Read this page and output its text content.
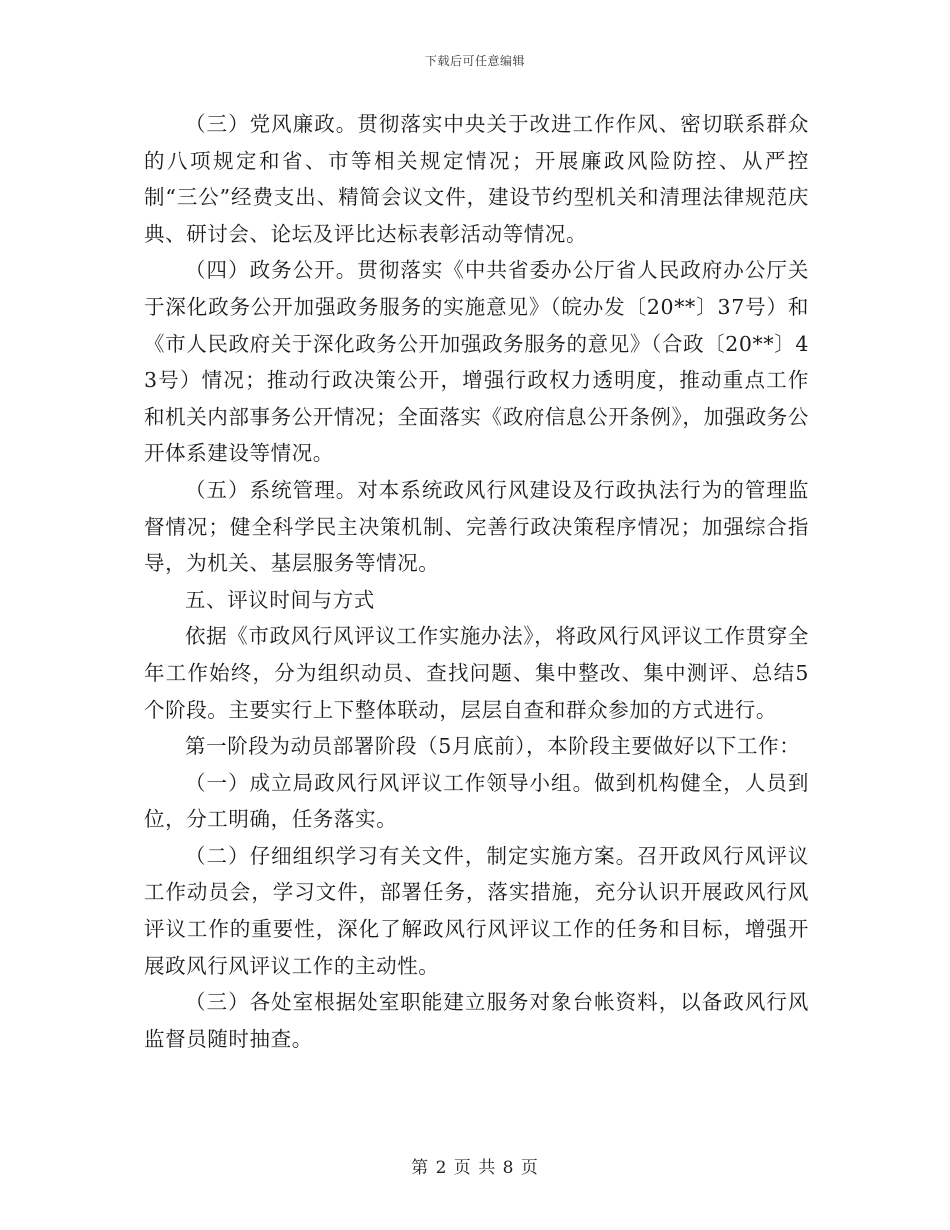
下载后可任意编辑

（三）党风廉政。贯彻落实中央关于改进工作作风、密切联系群众的八项规定和省、市等相关规定情况；开展廉政风险防控、从严控制“三公”经费支出、精简会议文件，建设节约型机关和清理法律规范庆典、研讨会、论坛及评比达标表彰活动等情况。

（四）政务公开。贯彻落实《中共省委办公厅省人民政府办公厅关于深化政务公开加强政务服务的实施意见》（皖办发〔20**〕37号）和《市人民政府关于深化政务公开加强政务服务的意见》（合政〔20**〕43号）情况；推动行政决策公开，增强行政权力透明度，推动重点工作和机关内部事务公开情况；全面落实《政府信息公开条例》，加强政务公开体系建设等情况。

（五）系统管理。对本系统政风行风建设及行政执法行为的管理监督情况；健全科学民主决策机制、完善行政决策程序情况；加强综合指导，为机关、基层服务等情况。

五、评议时间与方式

依据《市政风行风评议工作实施办法》，将政风行风评议工作贯穿全年工作始终，分为组织动员、查找问题、集中整改、集中测评、总结5个阶段。主要实行上下整体联动，层层自查和群众参加的方式进行。

第一阶段为动员部署阶段（5月底前），本阶段主要做好以下工作：

（一）成立局政风行风评议工作领导小组。做到机构健全，人员到位，分工明确，任务落实。

（二）仔细组织学习有关文件，制定实施方案。召开政风行风评议工作动员会，学习文件，部署任务，落实措施，充分认识开展政风行风评议工作的重要性，深化了解政风行风评议工作的任务和目标，增强开展政风行风评议工作的主动性。

（三）各处室根据处室职能建立服务对象台帐资料，以备政风行风监督员随时抽查。

第 2 页 共 8 页
